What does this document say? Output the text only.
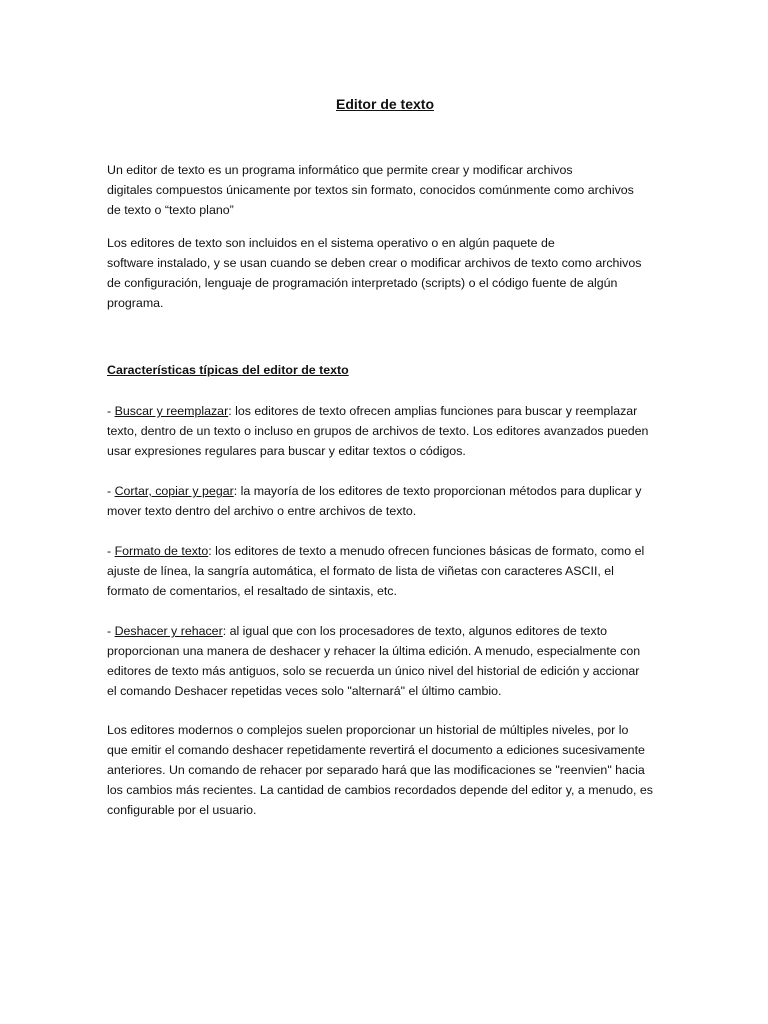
Editor de texto

Un editor de texto es un programa informático que permite crear y modificar archivos
digitales compuestos únicamente por textos sin formato, conocidos comúnmente como archivos
de texto o “texto plano”

Los editores de texto son incluidos en el sistema operativo o en algún paquete de
software instalado, y se usan cuando se deben crear o modificar archivos de texto como archivos
de configuración, lenguaje de programación interpretado (scripts) o el código fuente de algún
programa.

Características típicas del editor de texto

- Buscar y reemplazar: los editores de texto ofrecen amplias funciones para buscar y reemplazar
texto, dentro de un texto o incluso en grupos de archivos de texto. Los editores avanzados pueden
usar expresiones regulares para buscar y editar textos o códigos.

- Cortar, copiar y pegar: la mayoría de los editores de texto proporcionan métodos para duplicar y
mover texto dentro del archivo o entre archivos de texto.

- Formato de texto: los editores de texto a menudo ofrecen funciones básicas de formato, como el
ajuste de línea, la sangría automática, el formato de lista de viñetas con caracteres ASCII, el
formato de comentarios, el resaltado de sintaxis, etc.

- Deshacer y rehacer: al igual que con los procesadores de texto, algunos editores de texto
proporcionan una manera de deshacer y rehacer la última edición. A menudo, especialmente con
editores de texto más antiguos, solo se recuerda un único nivel del historial de edición y accionar
el comando Deshacer repetidas veces solo "alternará" el último cambio.

Los editores modernos o complejos suelen proporcionar un historial de múltiples niveles, por lo
que emitir el comando deshacer repetidamente revertirá el documento a ediciones sucesivamente
anteriores. Un comando de rehacer por separado hará que las modificaciones se "reenvien" hacia
los cambios más recientes. La cantidad de cambios recordados depende del editor y, a menudo, es
configurable por el usuario.
